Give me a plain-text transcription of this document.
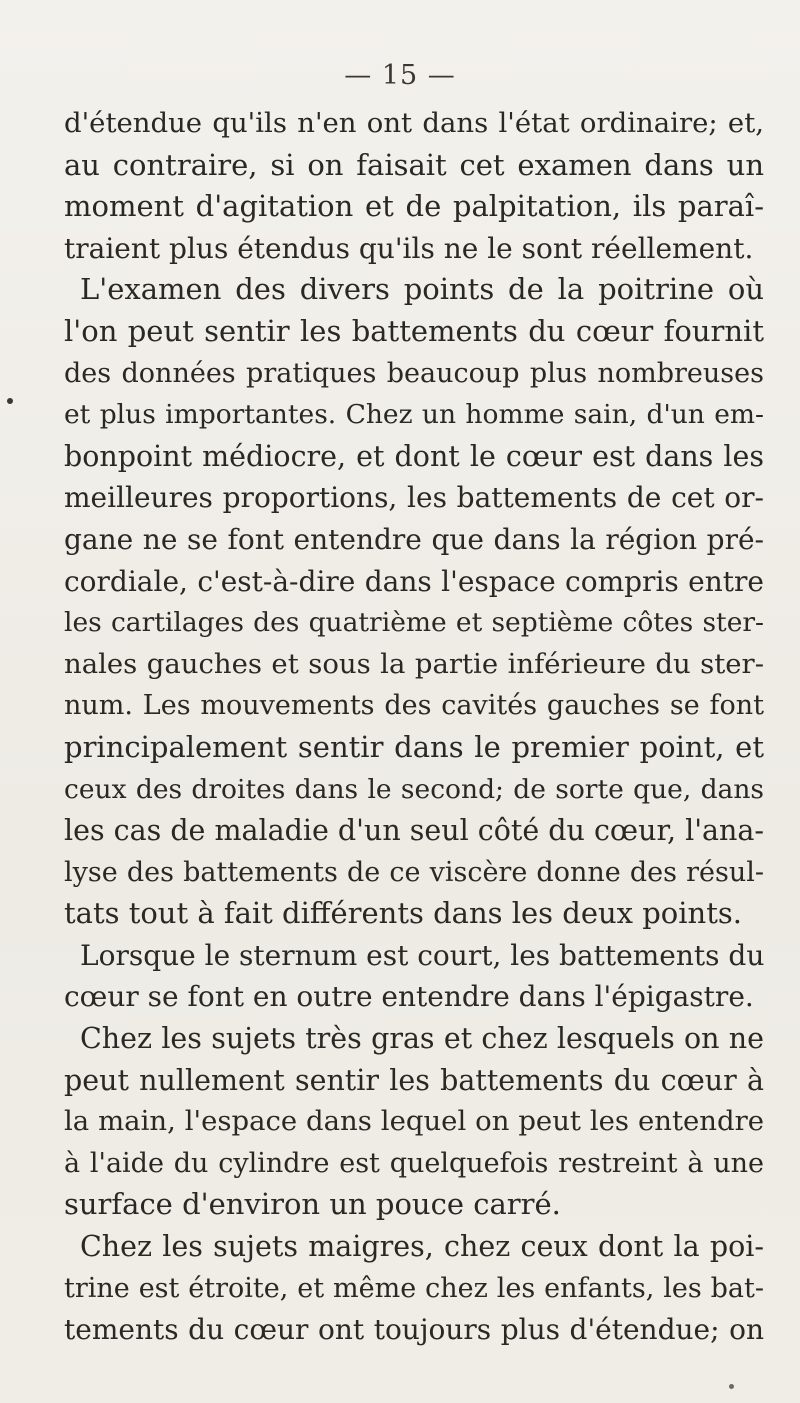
— 15 —
d'étendue qu'ils n'en ont dans l'état ordinaire; et,
au contraire, si on faisait cet examen dans un
moment d'agitation et de palpitation, ils paraî-
traient plus étendus qu'ils ne le sont réellement.
L'examen des divers points de la poitrine où
l'on peut sentir les battements du cœur fournit
des données pratiques beaucoup plus nombreuses
et plus importantes. Chez un homme sain, d'un em-
bonpoint médiocre, et dont le cœur est dans les
meilleures proportions, les battements de cet or-
gane ne se font entendre que dans la région pré-
cordiale, c'est-à-dire dans l'espace compris entre
les cartilages des quatrième et septième côtes ster-
nales gauches et sous la partie inférieure du ster-
num. Les mouvements des cavités gauches se font
principalement sentir dans le premier point, et
ceux des droites dans le second; de sorte que, dans
les cas de maladie d'un seul côté du cœur, l'ana-
lyse des battements de ce viscère donne des résul-
tats tout à fait différents dans les deux points.
Lorsque le sternum est court, les battements du
cœur se font en outre entendre dans l'épigastre.
Chez les sujets très gras et chez lesquels on ne
peut nullement sentir les battements du cœur à
la main, l'espace dans lequel on peut les entendre
à l'aide du cylindre est quelquefois restreint à une
surface d'environ un pouce carré.
Chez les sujets maigres, chez ceux dont la poi-
trine est étroite, et même chez les enfants, les bat-
tements du cœur ont toujours plus d'étendue; on
